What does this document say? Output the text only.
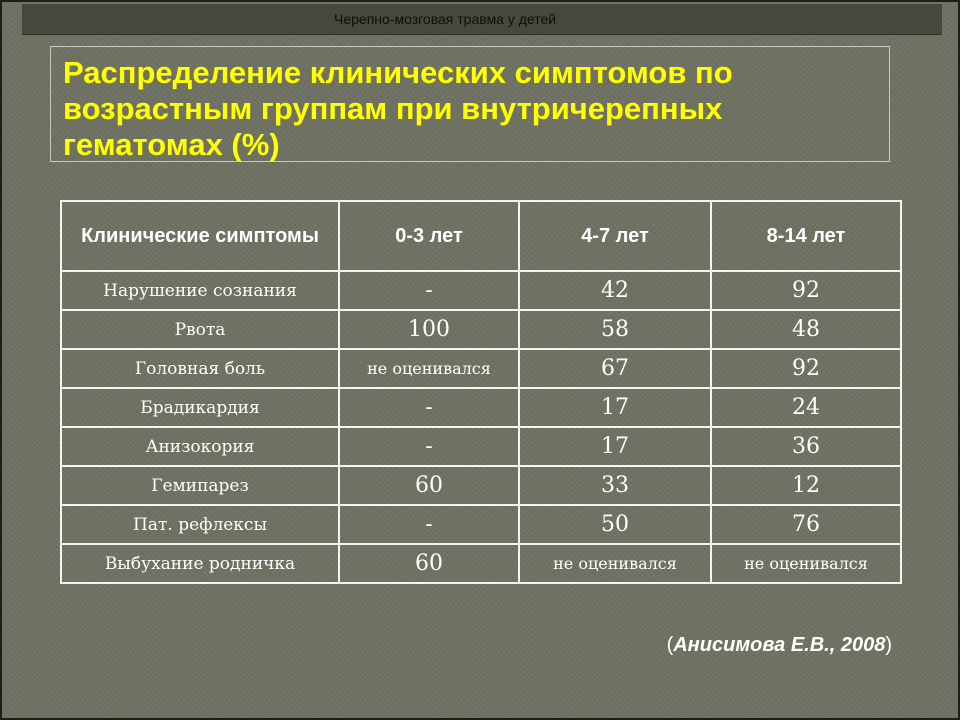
Черепно-мозговая травма у детей
Распределение клинических симптомов по возрастным группам при внутричерепных гематомах (%)
Клинические симптомы	0-3 лет	4-7 лет	8-14 лет
Нарушение сознания	-	42	92
Рвота	100	58	48
Головная боль	не оценивался	67	92
Брадикардия	-	17	24
Анизокория	-	17	36
Гемипарез	60	33	12
Пат. рефлексы	-	50	76
Выбухание родничка	60	не оценивался	не оценивался
(Анисимова Е.В., 2008)
